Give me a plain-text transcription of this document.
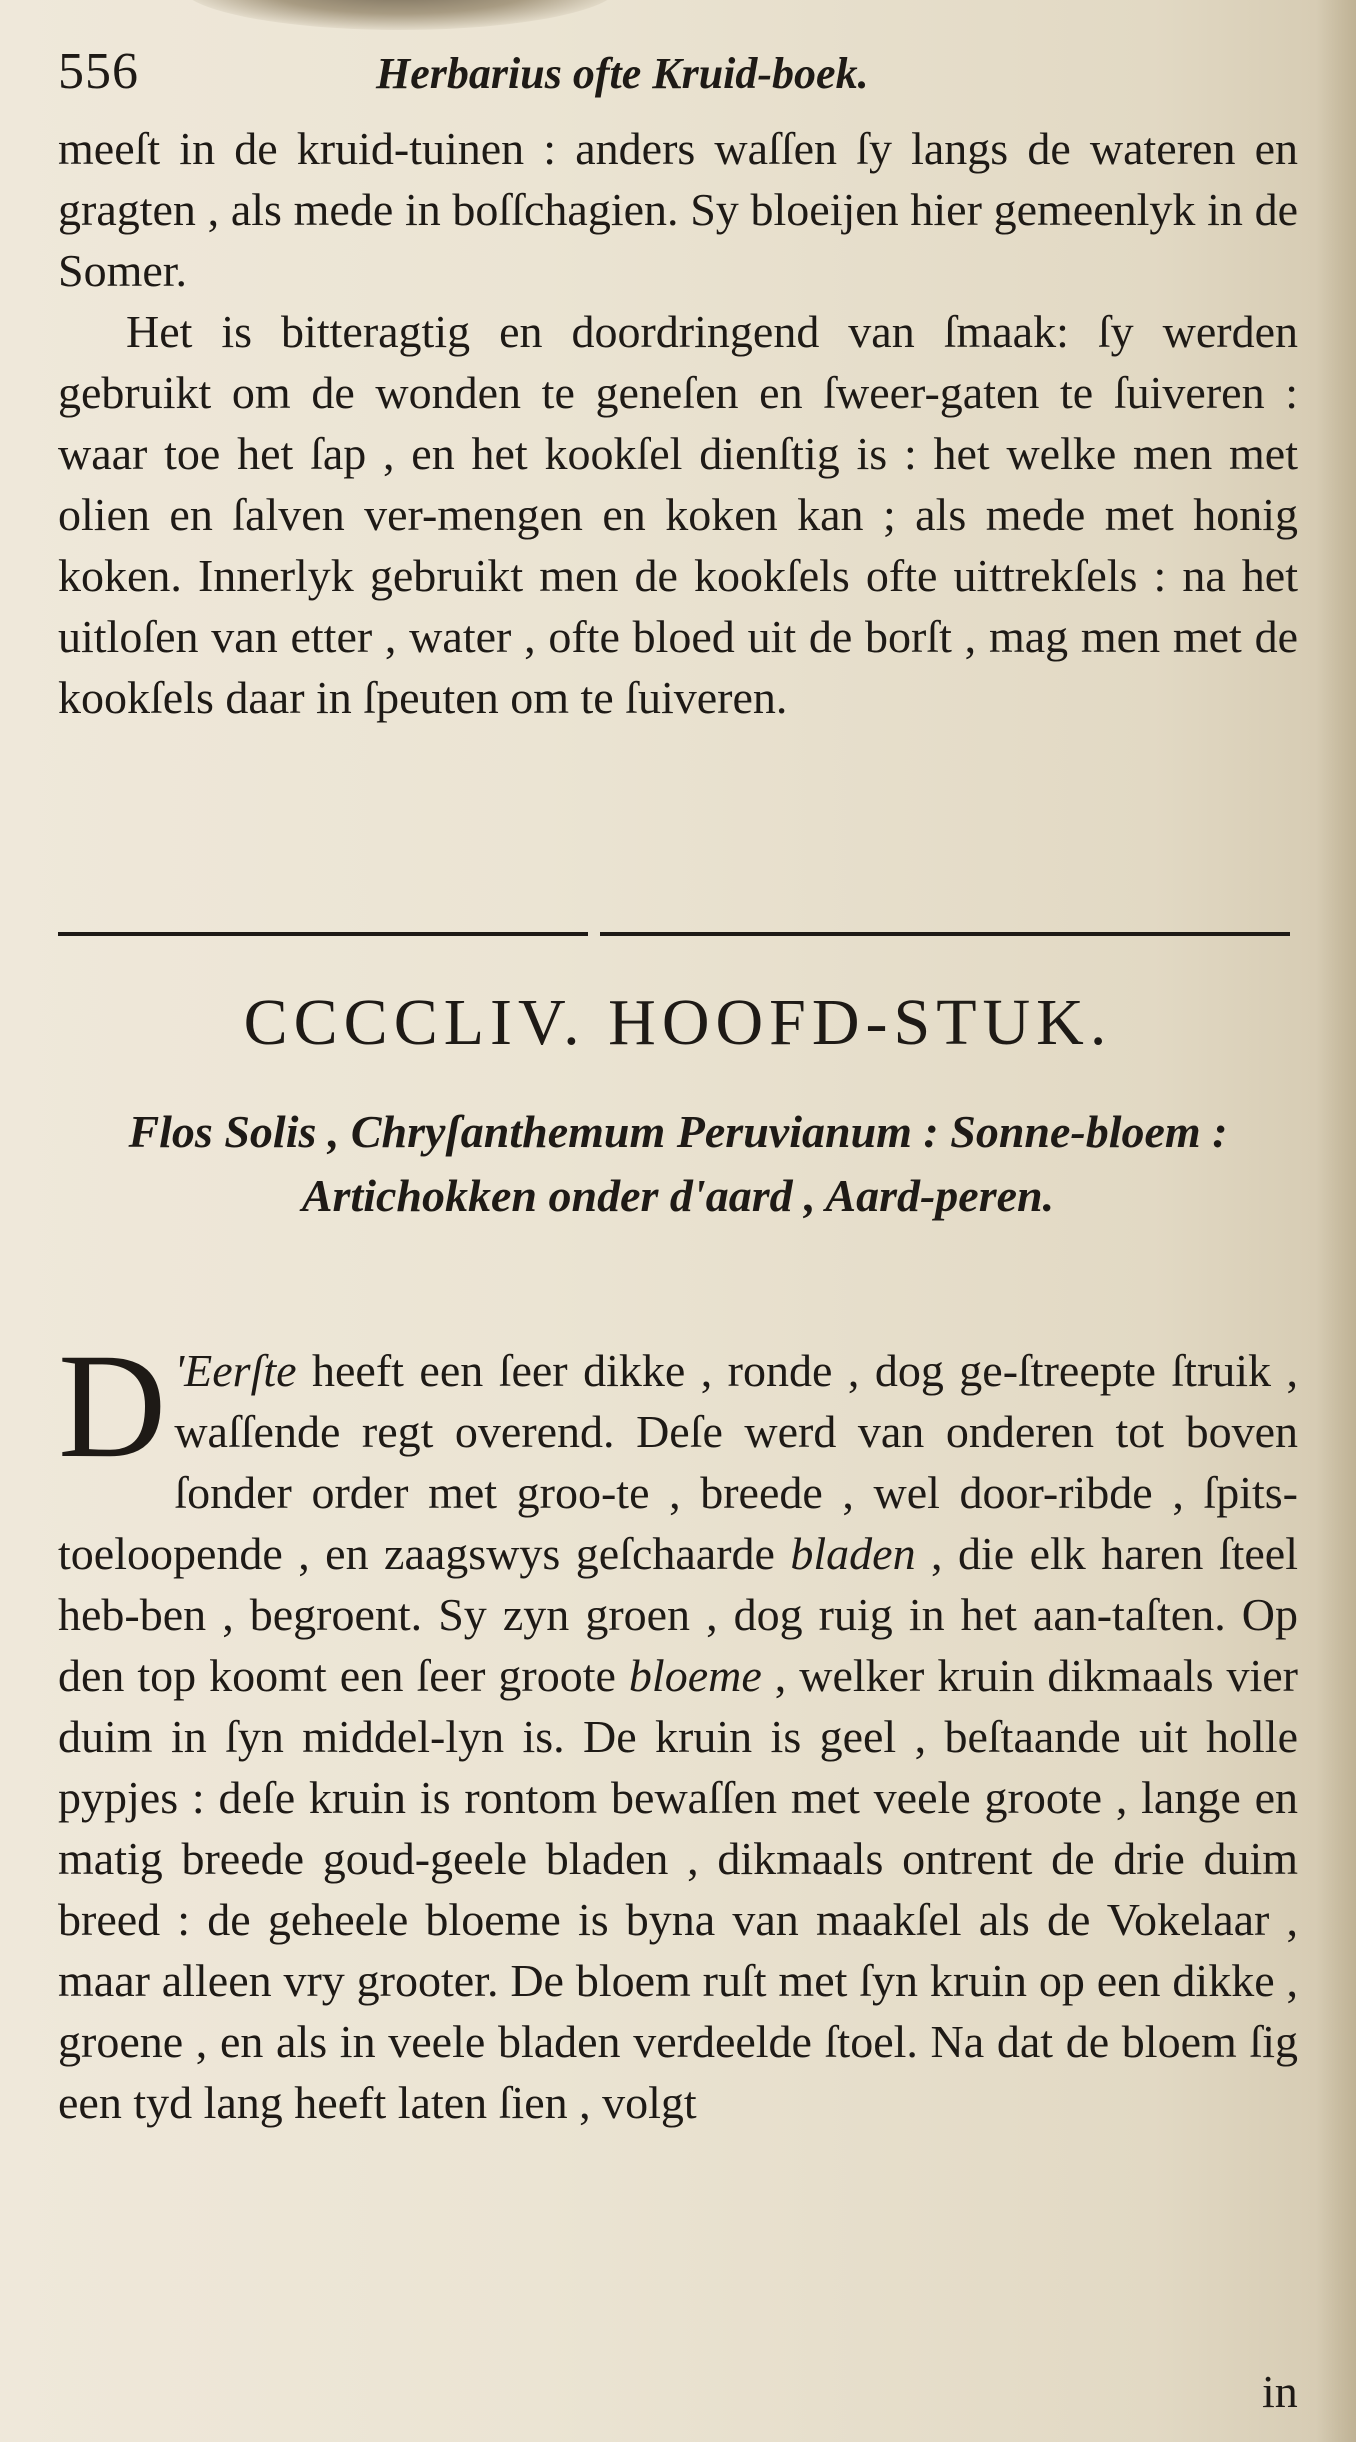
556	Herbarius ofte Kruid-boek.

meeſt in de kruid-tuinen : anders waſſen ſy langs de wateren en gragten , als mede in boſſchagien. Sy bloeijen hier gemeenlyk in de Somer.

Het is bitteragtig en doordringend van ſmaak: ſy werden gebruikt om de wonden te geneſen en ſweer-gaten te ſuiveren : waar toe het ſap , en het kookſel dienſtig is : het welke men met olien en ſalven ver-mengen en koken kan ; als mede met honig koken. Innerlyk gebruikt men de kookſels ofte uittrekſels : na het uitloſen van etter , water , ofte bloed uit de borſt , mag men met de kookſels daar in ſpeuten om te ſuiveren.

CCCCLIV. HOOFD-STUK.
Flos Solis , Chryſanthemum Peruvianum : Sonne-bloem : Artichokken onder d'aard , Aard-peren.

D 'Eerſte heeft een ſeer dikke , ronde , dog ge-ſtreepte ſtruik , waſſende regt overend. Deſe werd van onderen tot boven ſonder order met groo-te , breede , wel door-ribde , ſpits-toeloopende , en zaagswys geſchaarde bladen , die elk haren ſteel heb-ben , begroent. Sy zyn groen , dog ruig in het aan-taſten. Op den top koomt een ſeer groote bloeme , welker kruin dikmaals vier duim in ſyn middel-lyn is. De kruin is geel , beſtaande uit holle pypjes : deſe kruin is rontom bewaſſen met veele groote , lange en matig breede goud-geele bladen , dikmaals ontrent de drie duim breed : de geheele bloeme is byna van maakſel als de Vokelaar , maar alleen vry grooter. De bloem ruſt met ſyn kruin op een dikke , groene , en als in veele bladen verdeelde ſtoel. Na dat de bloem ſig een tyd lang heeft laten ſien , volgt

in
